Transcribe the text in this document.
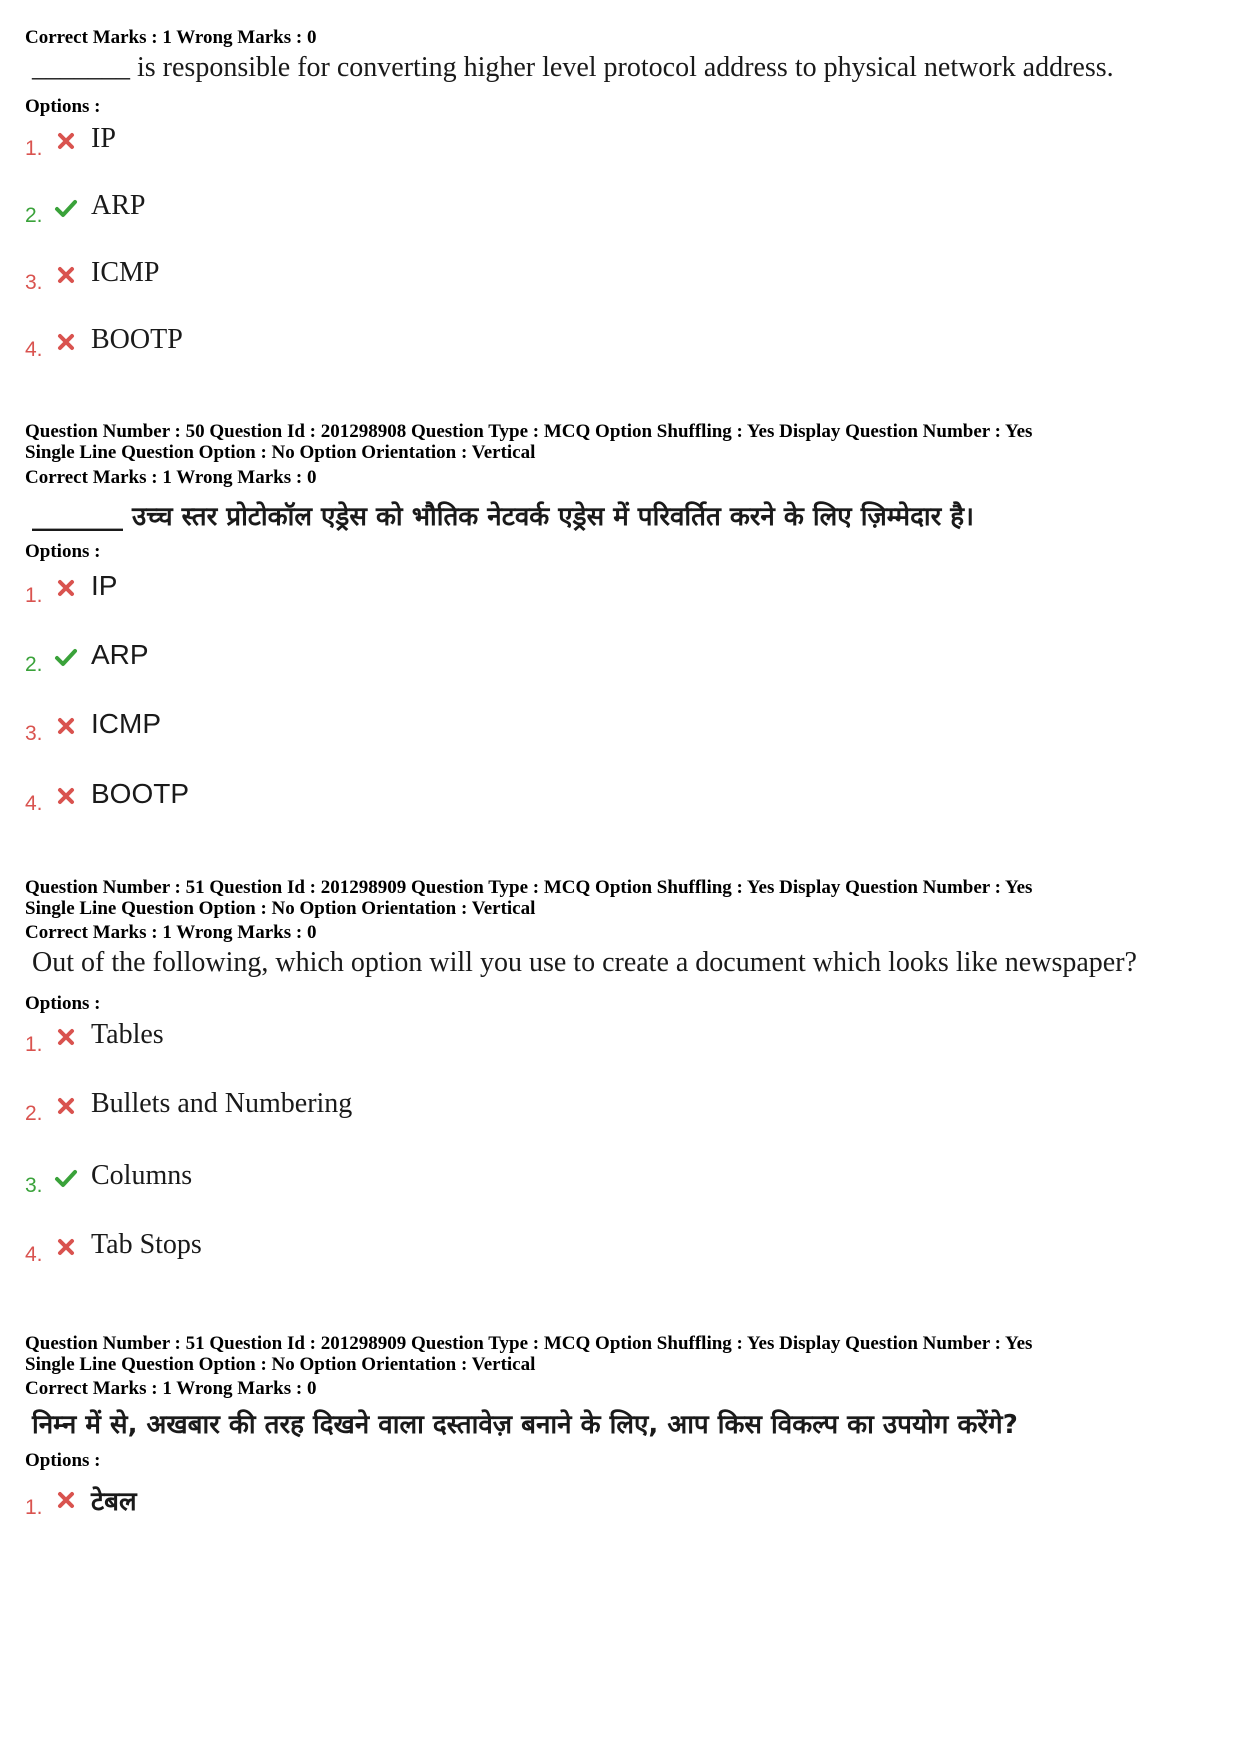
Correct Marks : 1 Wrong Marks : 0
_______ is responsible for converting higher level protocol address to physical network address.
Options :
1. IP
2. ARP
3. ICMP
4. BOOTP
Question Number : 50 Question Id : 201298908 Question Type : MCQ Option Shuffling : Yes Display Question Number : Yes
Single Line Question Option : No Option Orientation : Vertical
Correct Marks : 1 Wrong Marks : 0
_______ उच्च स्तर प्रोटोकॉल एड्रेस को भौतिक नेटवर्क एड्रेस में परिवर्तित करने के लिए ज़िम्मेदार है।
Options :
1. IP
2. ARP
3. ICMP
4. BOOTP
Question Number : 51 Question Id : 201298909 Question Type : MCQ Option Shuffling : Yes Display Question Number : Yes
Single Line Question Option : No Option Orientation : Vertical
Correct Marks : 1 Wrong Marks : 0
Out of the following, which option will you use to create a document which looks like newspaper?
Options :
1. Tables
2. Bullets and Numbering
3. Columns
4. Tab Stops
Question Number : 51 Question Id : 201298909 Question Type : MCQ Option Shuffling : Yes Display Question Number : Yes
Single Line Question Option : No Option Orientation : Vertical
Correct Marks : 1 Wrong Marks : 0
निम्न में से, अखबार की तरह दिखने वाला दस्तावेज़ बनाने के लिए, आप किस विकल्प का उपयोग करेंगे?
Options :
1. टेबल
